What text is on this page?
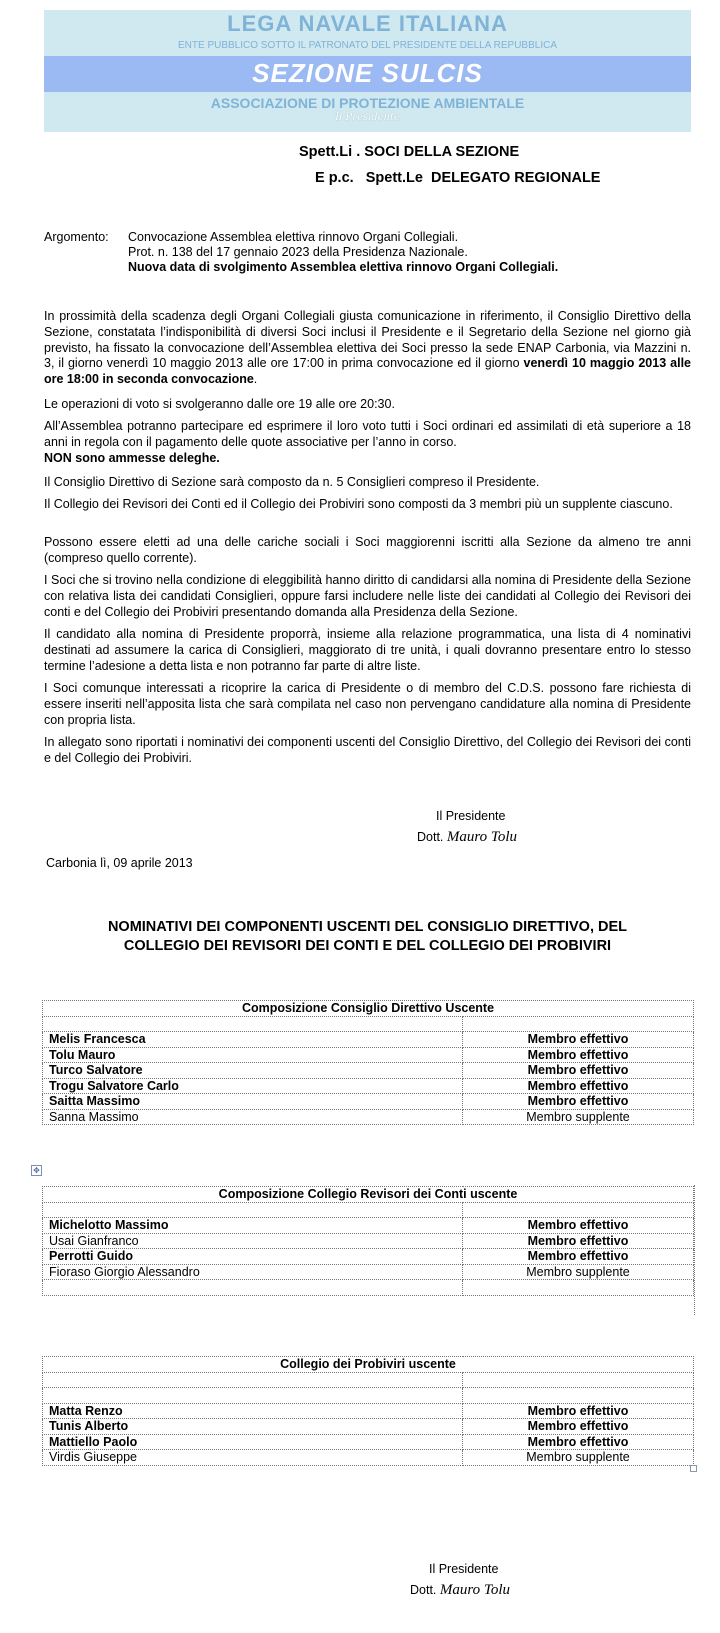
LEGA NAVALE ITALIANA
ENTE PUBBLICO SOTTO IL PATRONATO DEL PRESIDENTE DELLA REPUBBLICA
SEZIONE SULCIS
ASSOCIAZIONE DI PROTEZIONE AMBIENTALE
Il Presidente
Spett.Li . SOCI DELLA SEZIONE
E p.c.   Spett.Le  DELEGATO REGIONALE
Argomento: Convocazione Assemblea elettiva rinnovo Organi Collegiali.
Prot. n. 138 del 17 gennaio 2023 della Presidenza Nazionale.
Nuova data di svolgimento Assemblea elettiva rinnovo Organi Collegiali.
In prossimità della scadenza degli Organi Collegiali giusta comunicazione in riferimento, il Consiglio Direttivo della Sezione, constatata l’indisponibilità di diversi Soci inclusi il Presidente e il Segretario della Sezione nel giorno già previsto, ha fissato la convocazione dell’Assemblea elettiva dei Soci presso la sede ENAP Carbonia, via Mazzini n. 3, il giorno venerdì 10 maggio 2013 alle ore 17:00 in prima convocazione ed il giorno venerdì 10 maggio 2013 alle ore 18:00 in seconda convocazione.
Le operazioni di voto si svolgeranno dalle ore 19 alle ore 20:30.
All’Assemblea potranno partecipare ed esprimere il loro voto tutti i Soci ordinari ed assimilati di età superiore a 18 anni in regola con il pagamento delle quote associative per l’anno in corso.
NON sono ammesse deleghe.
Il Consiglio Direttivo di Sezione sarà composto da n. 5 Consiglieri compreso il Presidente.
Il Collegio dei Revisori dei Conti ed il Collegio dei Probiviri sono composti da 3 membri più un supplente ciascuno.
Possono essere eletti ad una delle cariche sociali i Soci maggiorenni iscritti alla Sezione da almeno tre anni (compreso quello corrente).
I Soci che si trovino nella condizione di eleggibilità hanno diritto di candidarsi alla nomina di Presidente della Sezione con relativa lista dei candidati Consiglieri, oppure farsi includere nelle liste dei candidati al Collegio dei Revisori dei conti e del Collegio dei Probiviri presentando domanda alla Presidenza della Sezione.
Il candidato alla nomina di Presidente proporrà, insieme alla relazione programmatica, una lista di 4 nominativi destinati ad assumere la carica di Consiglieri, maggiorato di tre unità, i quali dovranno presentare entro lo stesso termine l’adesione a detta lista e non potranno far parte di altre liste.
I Soci comunque interessati a ricoprire la carica di Presidente o di membro del C.D.S. possono fare richiesta di essere inseriti nell’apposita lista che sarà compilata nel caso non pervengano candidature alla nomina di Presidente con propria lista.
In allegato sono riportati i nominativi dei componenti uscenti del Consiglio Direttivo, del Collegio dei Revisori dei conti e del Collegio dei Probiviri.
Il Presidente
Dott. Mauro Tolu
Carbonia lì, 09 aprile 2013
NOMINATIVI DEI COMPONENTI USCENTI DEL CONSIGLIO DIRETTIVO, DEL
COLLEGIO DEI REVISORI DEI CONTI E DEL COLLEGIO DEI PROBIVIRI
Composizione Consiglio Direttivo Uscente	

Melis Francesca	Membro effettivo
Tolu Mauro	Membro effettivo
Turco Salvatore	Membro effettivo
Trogu Salvatore Carlo	Membro effettivo
Saitta Massimo	Membro effettivo
Sanna Massimo	Membro supplente
✥
Composizione Collegio Revisori dei Conti uscente	

Michelotto Massimo	Membro effettivo
Usai Gianfranco	Membro effettivo
Perrotti Guido	Membro effettivo
Fioraso Giorgio Alessandro	Membro supplente

Collegio dei Probiviri uscente	

Matta Renzo	Membro effettivo
Tunis Alberto	Membro effettivo
Mattiello Paolo	Membro effettivo
Virdis Giuseppe	Membro supplente
Il Presidente
Dott. Mauro Tolu
